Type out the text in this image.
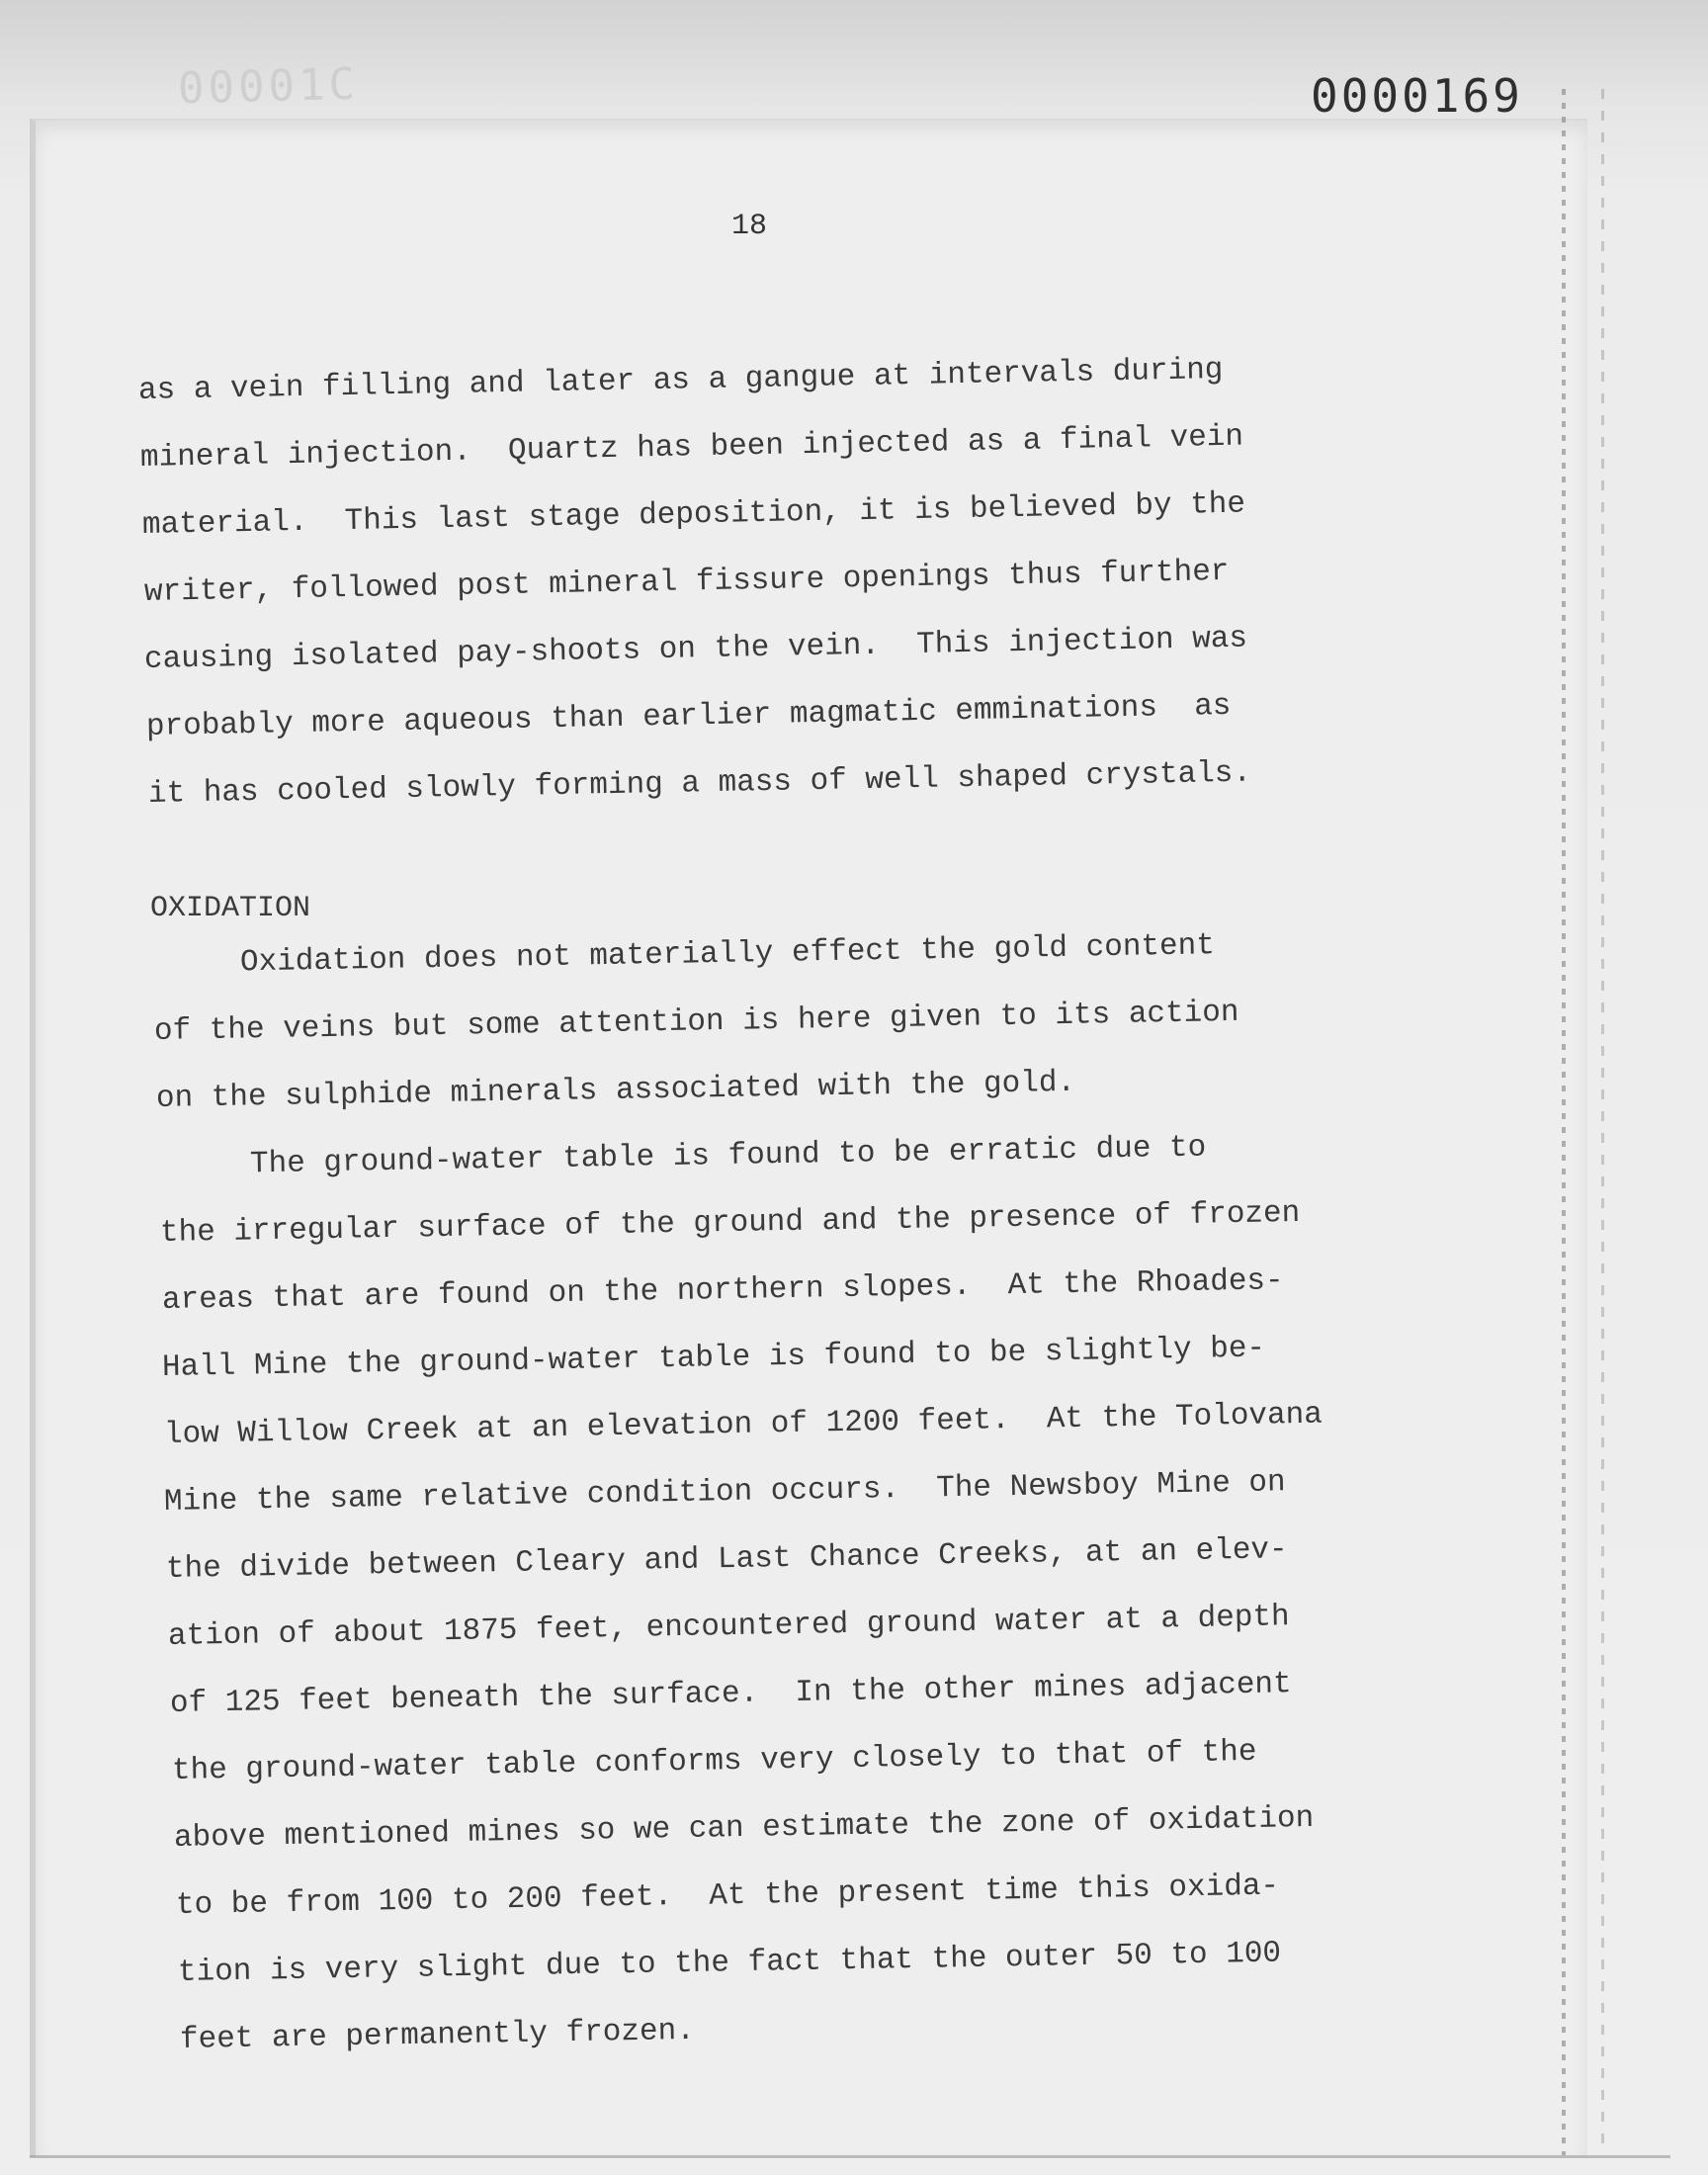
00001С	0000169
18
as a vein filling and later as a gangue at intervals during
mineral injection.  Quartz has been injected as a final vein
material.  This last stage deposition, it is believed by the
writer, followed post mineral fissure openings thus further
causing isolated pay-shoots on the vein.  This injection was
probably more aqueous than earlier magmatic emminations  as
it has cooled slowly forming a mass of well shaped crystals.
OXIDATION
Oxidation does not materially effect the gold content
of the veins but some attention is here given to its action
on the sulphide minerals associated with the gold.
The ground-water table is found to be erratic due to
the irregular surface of the ground and the presence of frozen
areas that are found on the northern slopes.  At the Rhoades-
Hall Mine the ground-water table is found to be slightly be-
low Willow Creek at an elevation of 1200 feet.  At the Tolovana
Mine the same relative condition occurs.  The Newsboy Mine on
the divide between Cleary and Last Chance Creeks, at an elev-
ation of about 1875 feet, encountered ground water at a depth
of 125 feet beneath the surface.  In the other mines adjacent
the ground-water table conforms very closely to that of the
above mentioned mines so we can estimate the zone of oxidation
to be from 100 to 200 feet.  At the present time this oxida-
tion is very slight due to the fact that the outer 50 to 100
feet are permanently frozen.
